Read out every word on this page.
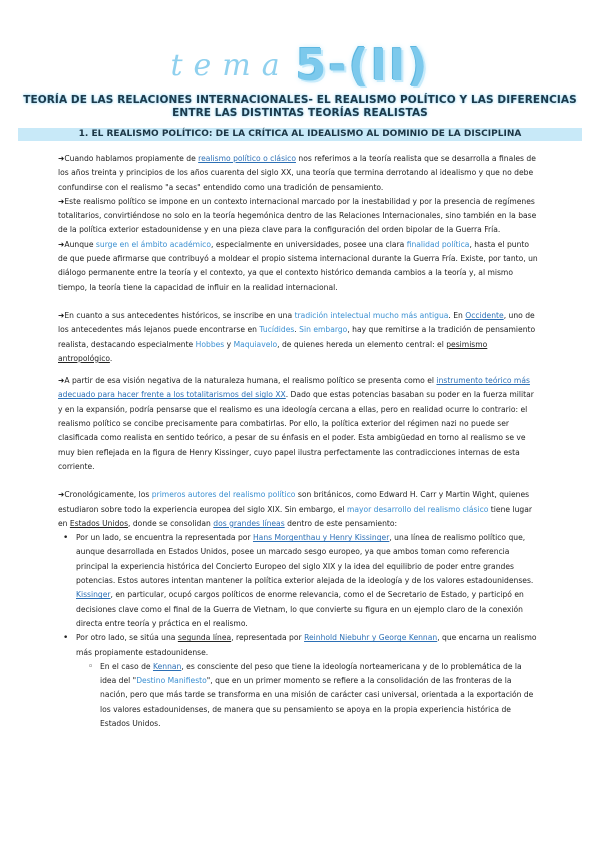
tema 5-(II)
TEORÍA DE LAS RELACIONES INTERNACIONALES- EL REALISMO POLÍTICO Y LAS DIFERENCIAS ENTRE LAS DISTINTAS TEORÍAS REALISTAS
1. EL REALISMO POLÍTICO: DE LA CRÍTICA AL IDEALISMO AL DOMINIO DE LA DISCIPLINA

➜Cuando hablamos propiamente de realismo político o clásico nos referimos a la teoría realista que se desarrolla a finales de los años treinta y principios de los años cuarenta del siglo XX, una teoría que termina derrotando al idealismo y que no debe confundirse con el realismo "a secas" entendido como una tradición de pensamiento.

➜Este realismo político se impone en un contexto internacional marcado por la inestabilidad y por la presencia de regímenes totalitarios, convirtiéndose no solo en la teoría hegemónica dentro de las Relaciones Internacionales, sino también en la base de la política exterior estadounidense y en una pieza clave para la configuración del orden bipolar de la Guerra Fría.

➜Aunque surge en el ámbito académico, especialmente en universidades, posee una clara finalidad política, hasta el punto de que puede afirmarse que contribuyó a moldear el propio sistema internacional durante la Guerra Fría. Existe, por tanto, un diálogo permanente entre la teoría y el contexto, ya que el contexto histórico demanda cambios a la teoría y, al mismo tiempo, la teoría tiene la capacidad de influir en la realidad internacional.

➜En cuanto a sus antecedentes históricos, se inscribe en una tradición intelectual mucho más antigua. En Occidente, uno de los antecedentes más lejanos puede encontrarse en Tucídides. Sin embargo, hay que remitirse a la tradición de pensamiento realista, destacando especialmente Hobbes y Maquiavelo, de quienes hereda un elemento central: el pesimismo antropológico.

➜A partir de esa visión negativa de la naturaleza humana, el realismo político se presenta como el instrumento teórico más adecuado para hacer frente a los totalitarismos del siglo XX. Dado que estas potencias basaban su poder en la fuerza militar y en la expansión, podría pensarse que el realismo es una ideología cercana a ellas, pero en realidad ocurre lo contrario: el realismo político se concibe precisamente para combatirlas. Por ello, la política exterior del régimen nazi no puede ser clasificada como realista en sentido teórico, a pesar de su énfasis en el poder. Esta ambigüedad en torno al realismo se ve muy bien reflejada en la figura de Henry Kissinger, cuyo papel ilustra perfectamente las contradicciones internas de esta corriente.

➜Cronológicamente, los primeros autores del realismo político son británicos, como Edward H. Carr y Martin Wight, quienes estudiaron sobre todo la experiencia europea del siglo XIX. Sin embargo, el mayor desarrollo del realismo clásico tiene lugar en Estados Unidos, donde se consolidan dos grandes líneas dentro de este pensamiento:

• Por un lado, se encuentra la representada por Hans Morgenthau y Henry Kissinger, una línea de realismo político que, aunque desarrollada en Estados Unidos, posee un marcado sesgo europeo, ya que ambos toman como referencia principal la experiencia histórica del Concierto Europeo del siglo XIX y la idea del equilibrio de poder entre grandes potencias. Estos autores intentan mantener la política exterior alejada de la ideología y de los valores estadounidenses. Kissinger, en particular, ocupó cargos políticos de enorme relevancia, como el de Secretario de Estado, y participó en decisiones clave como el final de la Guerra de Vietnam, lo que convierte su figura en un ejemplo claro de la conexión directa entre teoría y práctica en el realismo.
• Por otro lado, se sitúa una segunda línea, representada por Reinhold Niebuhr y George Kennan, que encarna un realismo más propiamente estadounidense.
◦ En el caso de Kennan, es consciente del peso que tiene la ideología norteamericana y de lo problemática de la idea del "Destino Manifiesto", que en un primer momento se refiere a la consolidación de las fronteras de la nación, pero que más tarde se transforma en una misión de carácter casi universal, orientada a la exportación de los valores estadounidenses, de manera que su pensamiento se apoya en la propia experiencia histórica de Estados Unidos.
